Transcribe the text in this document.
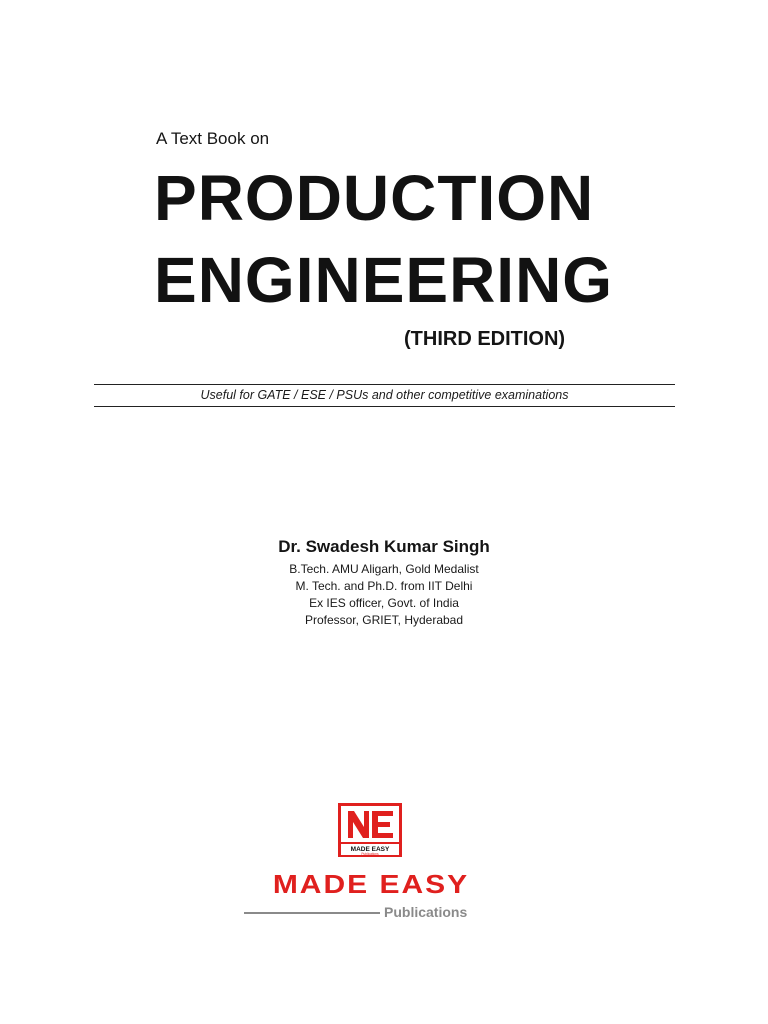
A Text Book on
PRODUCTION
ENGINEERING
(THIRD EDITION)
Useful for GATE / ESE / PSUs and other competitive examinations
Dr. Swadesh Kumar Singh
B.Tech. AMU Aligarh, Gold Medalist
M. Tech. and Ph.D. from IIT Delhi
Ex IES officer, Govt. of India
Professor, GRIET, Hyderabad
MADE EASY
Publications
MADE EASY
Publications
